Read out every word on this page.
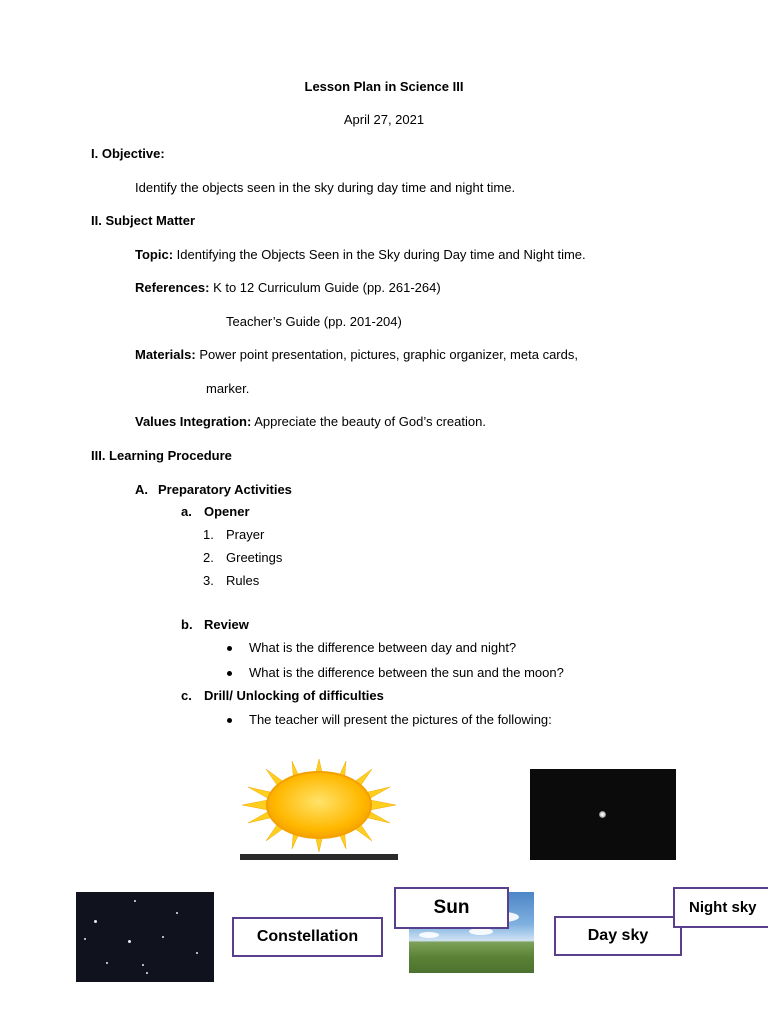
Lesson Plan in Science III
April 27, 2021
I. Objective:
Identify the objects seen in the sky during day time and night time.
II. Subject Matter
Topic: Identifying the Objects Seen in the Sky during Day time and Night time.
References: K to 12 Curriculum Guide (pp. 261-264)
Teacher’s Guide (pp. 201-204)
Materials: Power point presentation, pictures, graphic organizer, meta cards,
marker.
Values Integration: Appreciate the beauty of God’s creation.
III. Learning Procedure
A. Preparatory Activities
a. Opener
1. Prayer
2. Greetings
3. Rules
b. Review
What is the difference between day and night?
What is the difference between the sun and the moon?
c. Drill/ Unlocking of difficulties
The teacher will present the pictures of the following:
Sun
Constellation	Day sky
Night sky
